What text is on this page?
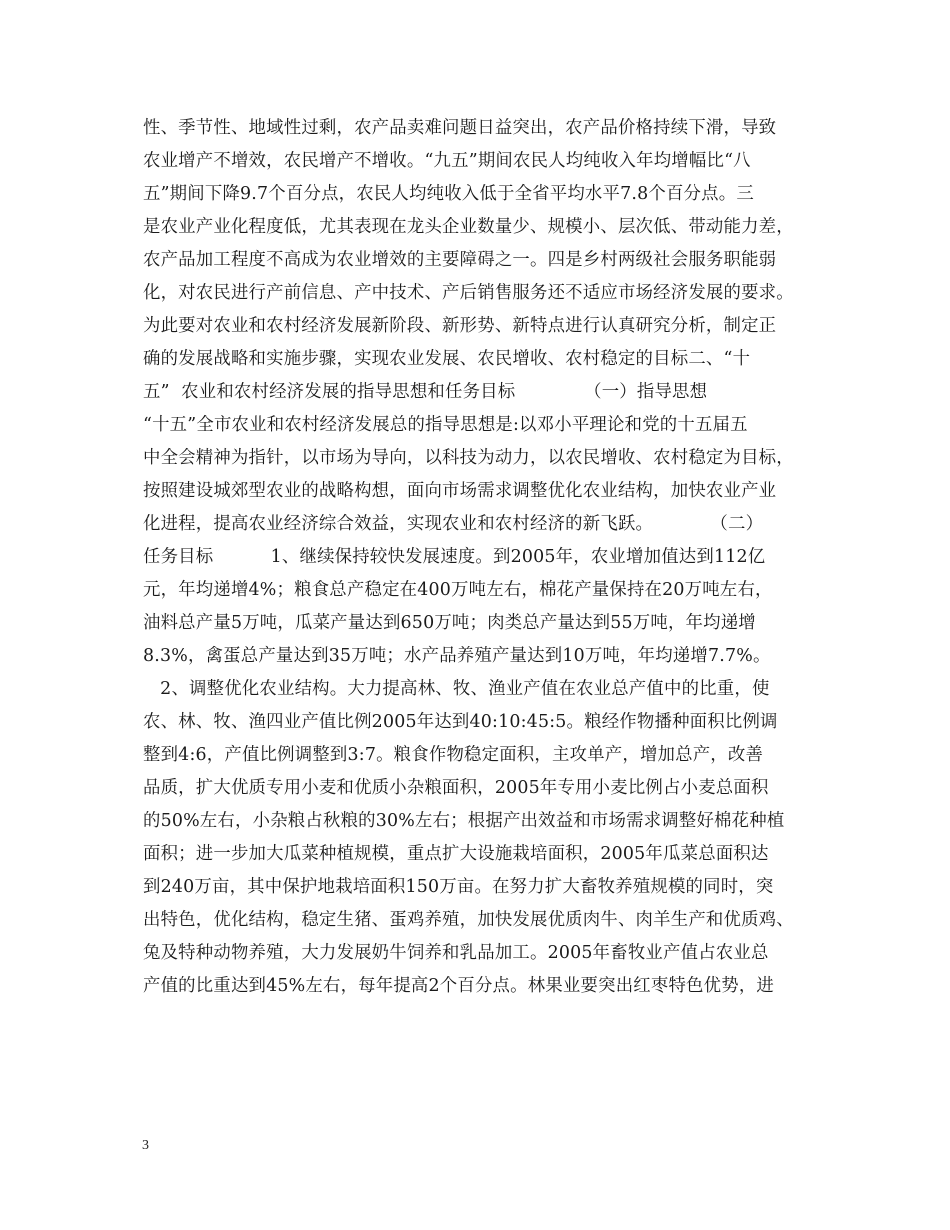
性、季节性、地域性过剩，农产品卖难问题日益突出，农产品价格持续下滑，导致
农业增产不增效，农民增产不增收。“九五”期间农民人均纯收入年均增幅比“八
五”期间下降9.7个百分点，农民人均纯收入低于全省平均水平7.8个百分点。三
是农业产业化程度低，尤其表现在龙头企业数量少、规模小、层次低、带动能力差，
农产品加工程度不高成为农业增效的主要障碍之一。四是乡村两级社会服务职能弱
化，对农民进行产前信息、产中技术、产后销售服务还不适应市场经济发展的要求。
为此要对农业和农村经济发展新阶段、新形势、新特点进行认真研究分析，制定正
确的发展战略和实施步骤，实现农业发展、农民增收、农村稳定的目标二、“十
五”  农业和农村经济发展的指导思想和任务目标            （一）指导思想
“十五”全市农业和农村经济发展总的指导思想是:以邓小平理论和党的十五届五
中全会精神为指针，以市场为导向，以科技为动力，以农民增收、农村稳定为目标，
按照建设城郊型农业的战略构想，面向市场需求调整优化农业结构，加快农业产业
化进程，提高农业经济综合效益，实现农业和农村经济的新飞跃。          （二）
任务目标          1、继续保持较快发展速度。到2005年，农业增加值达到112亿
元，年均递增4%；粮食总产稳定在400万吨左右，棉花产量保持在20万吨左右，
油料总产量5万吨，瓜菜产量达到650万吨；肉类总产量达到55万吨，年均递增
8.3%，禽蛋总产量达到35万吨；水产品养殖产量达到10万吨，年均递增7.7%。
2、调整优化农业结构。大力提高林、牧、渔业产值在农业总产值中的比重，使
农、林、牧、渔四业产值比例2005年达到40:10:45:5。粮经作物播种面积比例调
整到4:6，产值比例调整到3:7。粮食作物稳定面积，主攻单产，增加总产，改善
品质，扩大优质专用小麦和优质小杂粮面积，2005年专用小麦比例占小麦总面积
的50%左右，小杂粮占秋粮的30%左右；根据产出效益和市场需求调整好棉花种植
面积；进一步加大瓜菜种植规模，重点扩大设施栽培面积，2005年瓜菜总面积达
到240万亩，其中保护地栽培面积150万亩。在努力扩大畜牧养殖规模的同时，突
出特色，优化结构，稳定生猪、蛋鸡养殖，加快发展优质肉牛、肉羊生产和优质鸡、
兔及特种动物养殖，大力发展奶牛饲养和乳品加工。2005年畜牧业产值占农业总
产值的比重达到45%左右，每年提高2个百分点。林果业要突出红枣特色优势，进
3
